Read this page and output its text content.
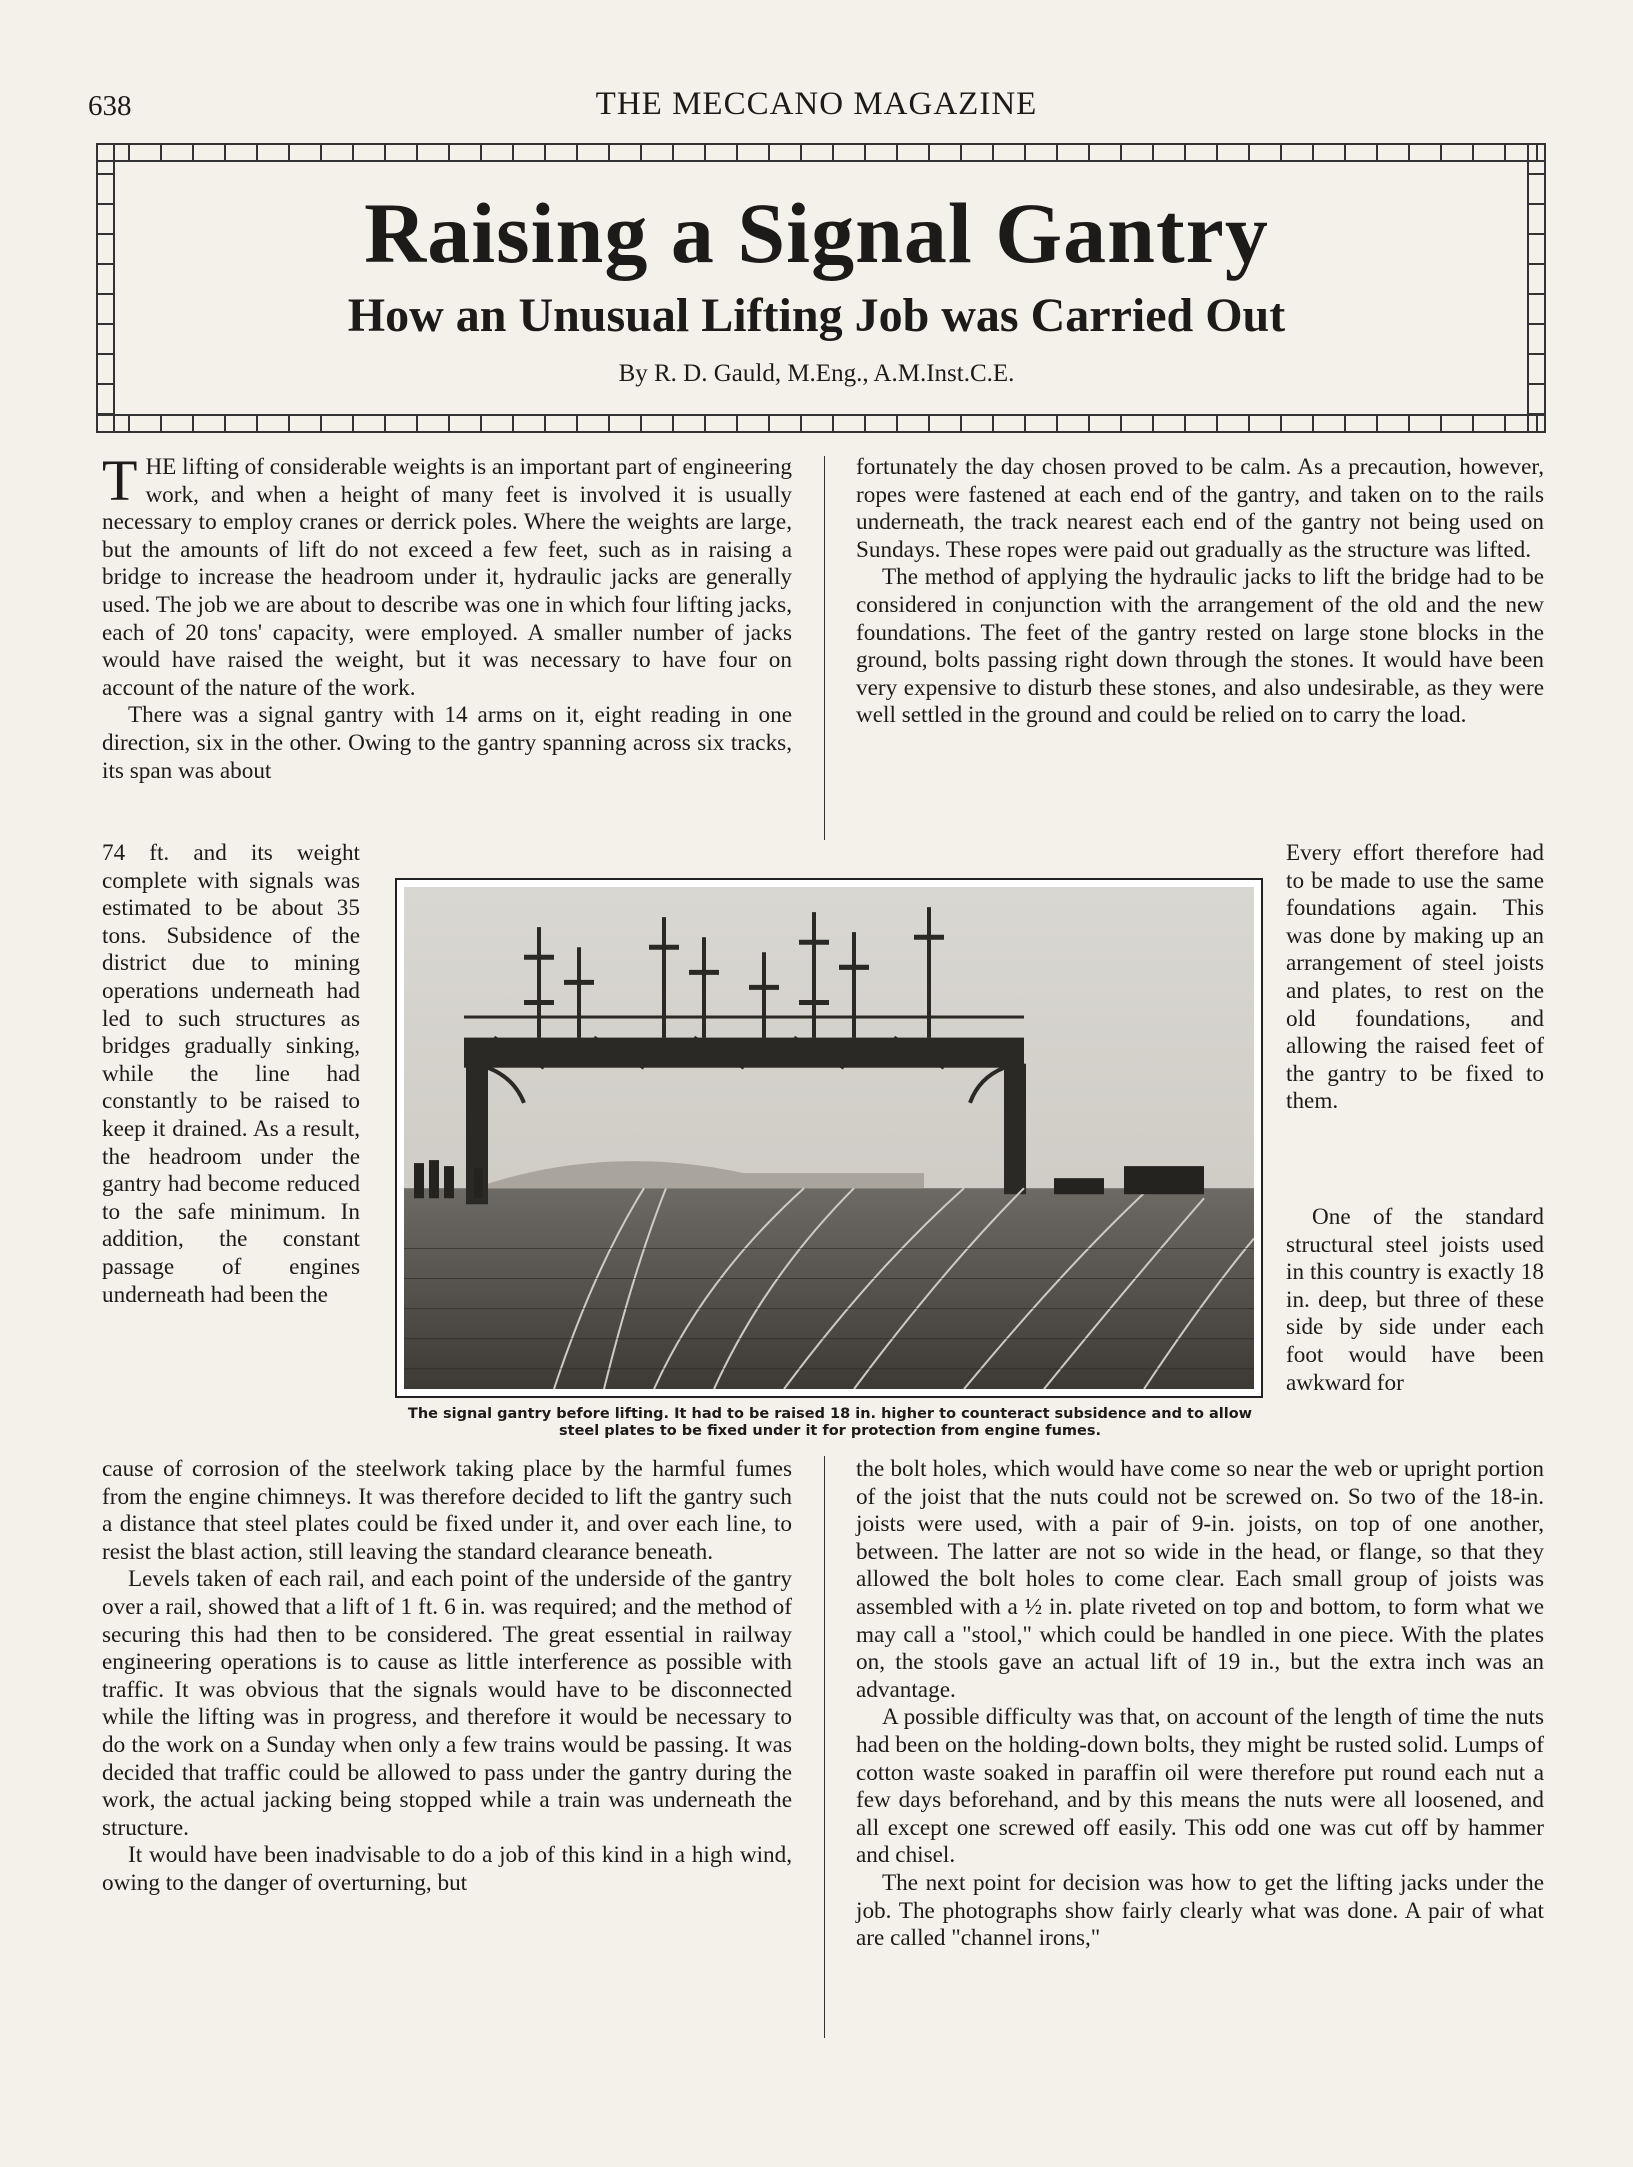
638	THE MECCANO MAGAZINE
Raising a Signal Gantry
How an Unusual Lifting Job was Carried Out
By R. D. Gauld, M.Eng., A.M.Inst.C.E.

THE lifting of considerable weights is an important part of engineering work, and when a height of many feet is involved it is usually necessary to employ cranes or derrick poles. Where the weights are large, but the amounts of lift do not exceed a few feet, such as in raising a bridge to increase the headroom under it, hydraulic jacks are generally used. The job we are about to describe was one in which four lifting jacks, each of 20 tons' capacity, were employed. A smaller number of jacks would have raised the weight, but it was necessary to have four on account of the nature of the work.

There was a signal gantry with 14 arms on it, eight reading in one direction, six in the other. Owing to the gantry spanning across six tracks, its span was about

fortunately the day chosen proved to be calm. As a precaution, however, ropes were fastened at each end of the gantry, and taken on to the rails underneath, the track nearest each end of the gantry not being used on Sundays. These ropes were paid out gradually as the structure was lifted.

The method of applying the hydraulic jacks to lift the bridge had to be considered in conjunction with the arrangement of the old and the new foundations. The feet of the gantry rested on large stone blocks in the ground, bolts passing right down through the stones. It would have been very expensive to disturb these stones, and also undesirable, as they were well settled in the ground and could be relied on to carry the load.

74 ft. and its weight complete with signals was estimated to be about 35 tons. Subsidence of the district due to mining operations underneath had led to such structures as bridges gradually sinking, while the line had constantly to be raised to keep it drained. As a result, the headroom under the gantry had become reduced to the safe minimum. In addition, the constant passage of engines underneath had been the
Every effort therefore had to be made to use the same foundations again. This was done by making up an arrangement of steel joists and plates, to rest on the old foundations, and allowing the raised feet of the gantry to be fixed to them.
One of the standard structural steel joists used in this country is exactly 18 in. deep, but three of these side by side under each foot would have been awkward for
The signal gantry before lifting. It had to be raised 18 in. higher to counteract subsidence and to allow steel plates to be fixed under it for protection from engine fumes.

cause of corrosion of the steelwork taking place by the harmful fumes from the engine chimneys. It was therefore decided to lift the gantry such a distance that steel plates could be fixed under it, and over each line, to resist the blast action, still leaving the standard clearance beneath.

Levels taken of each rail, and each point of the underside of the gantry over a rail, showed that a lift of 1 ft. 6 in. was required; and the method of securing this had then to be considered. The great essential in railway engineering operations is to cause as little interference as possible with traffic. It was obvious that the signals would have to be disconnected while the lifting was in progress, and therefore it would be necessary to do the work on a Sunday when only a few trains would be passing. It was decided that traffic could be allowed to pass under the gantry during the work, the actual jacking being stopped while a train was underneath the structure.

It would have been inadvisable to do a job of this kind in a high wind, owing to the danger of overturning, but

the bolt holes, which would have come so near the web or upright portion of the joist that the nuts could not be screwed on. So two of the 18-in. joists were used, with a pair of 9-in. joists, on top of one another, between. The latter are not so wide in the head, or flange, so that they allowed the bolt holes to come clear. Each small group of joists was assembled with a ½ in. plate riveted on top and bottom, to form what we may call a "stool," which could be handled in one piece. With the plates on, the stools gave an actual lift of 19 in., but the extra inch was an advantage.

A possible difficulty was that, on account of the length of time the nuts had been on the holding-down bolts, they might be rusted solid. Lumps of cotton waste soaked in paraffin oil were therefore put round each nut a few days beforehand, and by this means the nuts were all loosened, and all except one screwed off easily. This odd one was cut off by hammer and chisel.

The next point for decision was how to get the lifting jacks under the job. The photographs show fairly clearly what was done. A pair of what are called "channel irons,"
